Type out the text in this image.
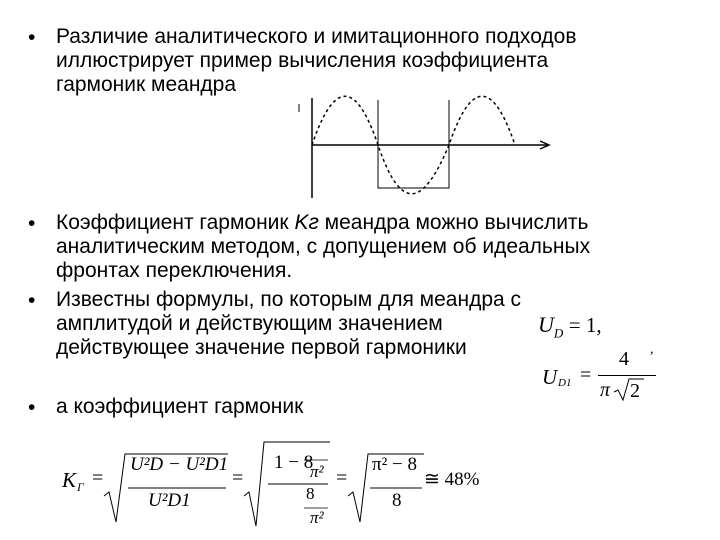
• Различие аналитического и имитационного подходов
иллюстрирует пример вычисления коэффициента
гармоник меандра
• Коэффициент гармоник Kг меандра можно вычислить
аналитическим методом, с допущением об идеальных
фронтах переключения.
• Известны формулы, по которым для меандра с
амплитудой и действующим значением
действующее значение первой гармоники
$U_D = 1$,
U D1 =
4
π 2
,
• а коэффициент гармоник
K Г =
U²D − U²D1
U²D1
=
1 − 8
π²
8
π²
=
π² − 8
8
≅ 48%
